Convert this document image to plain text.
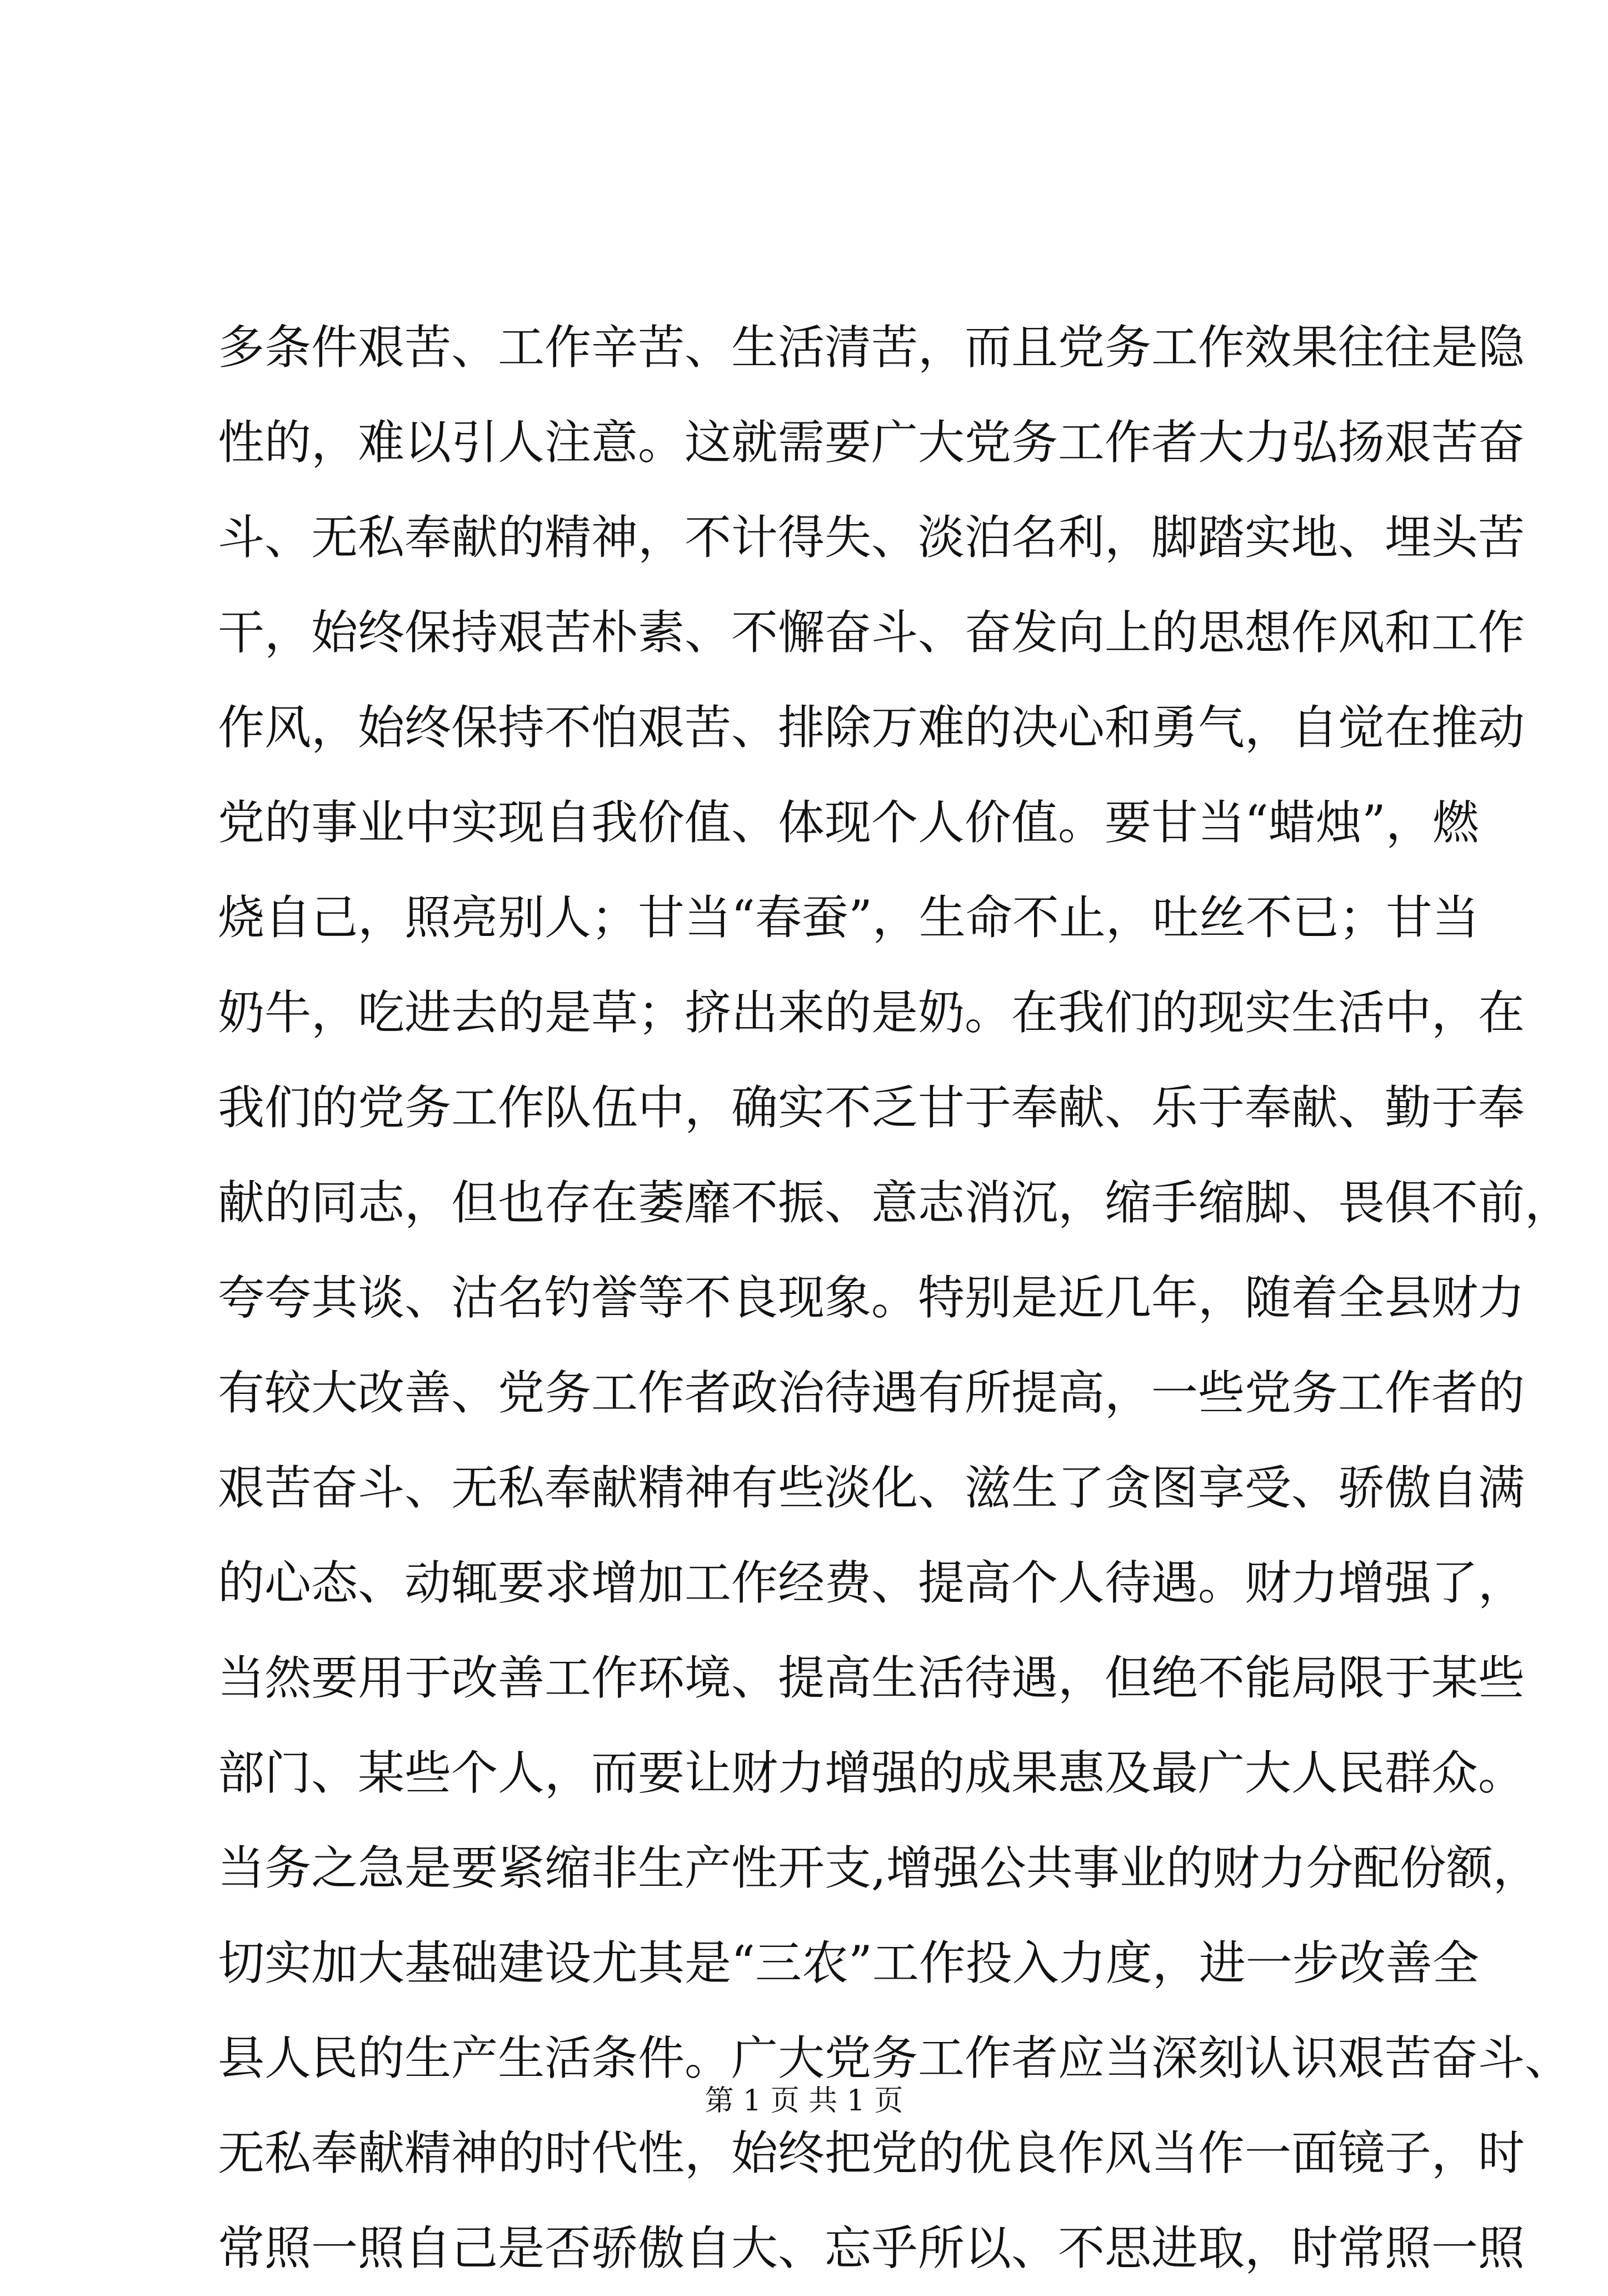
多条件艰苦、工作辛苦、生活清苦，而且党务工作效果往往是隐
性的，难以引人注意。这就需要广大党务工作者大力弘扬艰苦奋
斗、无私奉献的精神，不计得失、淡泊名利，脚踏实地、埋头苦
干，始终保持艰苦朴素、不懈奋斗、奋发向上的思想作风和工作
作风，始终保持不怕艰苦、排除万难的决心和勇气，自觉在推动
党的事业中实现自我价值、体现个人价值。要甘当“蜡烛”，燃
烧自己，照亮别人；甘当“春蚕”，生命不止，吐丝不已；甘当
奶牛，吃进去的是草；挤出来的是奶。在我们的现实生活中，在
我们的党务工作队伍中，确实不乏甘于奉献、乐于奉献、勤于奉
献的同志，但也存在萎靡不振、意志消沉，缩手缩脚、畏俱不前，
夸夸其谈、沽名钓誉等不良现象。特别是近几年，随着全县财力
有较大改善、党务工作者政治待遇有所提高，一些党务工作者的
艰苦奋斗、无私奉献精神有些淡化、滋生了贪图享受、骄傲自满
的心态、动辄要求增加工作经费、提高个人待遇。财力增强了，
当然要用于改善工作环境、提高生活待遇，但绝不能局限于某些
部门、某些个人，而要让财力增强的成果惠及最广大人民群众。
当务之急是要紧缩非生产性开支,增强公共事业的财力分配份额，
切实加大基础建设尤其是“三农”工作投入力度，进一步改善全
县人民的生产生活条件。广大党务工作者应当深刻认识艰苦奋斗、
无私奉献精神的时代性，始终把党的优良作风当作一面镜子，时
常照一照自己是否骄傲自大、忘乎所以、不思进取，时常照一照
第 1 页 共 1 页
